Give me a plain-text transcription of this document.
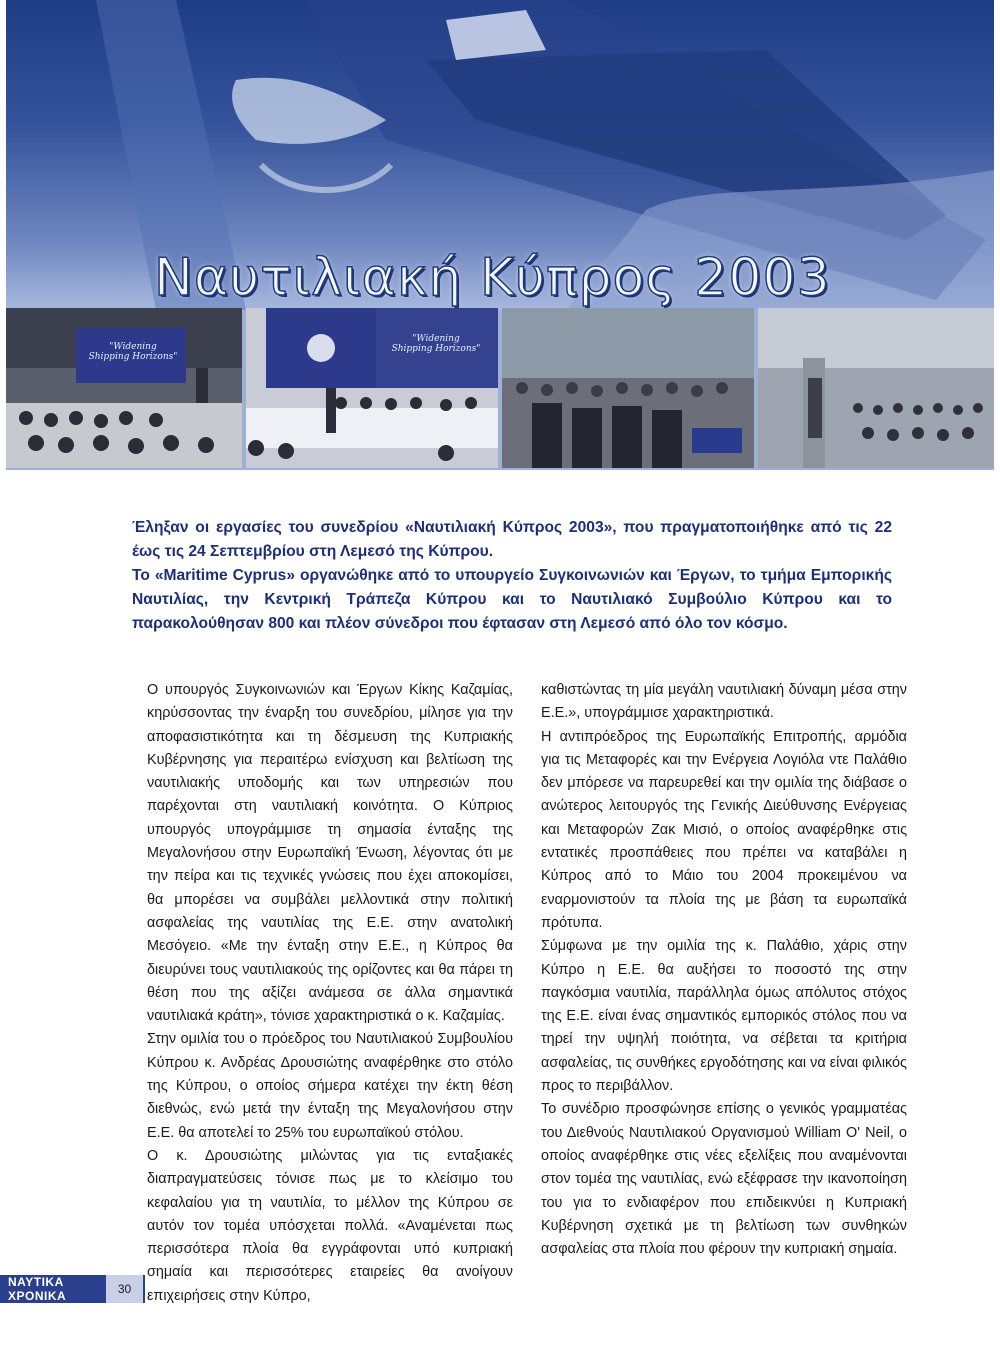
Ναυτιλιακή Κύπρος 2003
"Widening Shipping Horizons"
"Widening Shipping Horizons"

Έληξαν οι εργασίες του συνεδρίου «Ναυτιλιακή Κύπρος 2003», που πραγματοποιήθηκε από τις 22 έως τις 24 Σεπτεμβρίου στη Λεμεσό της Κύπρου.

Το «Maritime Cyprus» οργανώθηκε από το υπουργείο Συγκοινωνιών και Έργων, το τμήμα Εμπορικής Ναυτιλίας, την Κεντρική Τράπεζα Κύπρου και το Ναυτιλιακό Συμβούλιο Κύπρου και το παρακολούθησαν 800 και πλέον σύνεδροι που έφτασαν στη Λεμεσό από όλο τον κόσμο.

Ο υπουργός Συγκοινωνιών και Έργων Κίκης Καζαμίας, κηρύσσοντας την έναρξη του συνεδρίου, μίλησε για την αποφασιστικότητα και τη δέσμευση της Κυπριακής Κυβέρνησης για περαιτέρω ενίσχυση και βελτίωση της ναυτιλιακής υποδομής και των υπηρεσιών που παρέχονται στη ναυτιλιακή κοινότητα. Ο Κύπριος υπουργός υπογράμμισε τη σημασία ένταξης της Μεγαλονήσου στην Ευρωπαϊκή Ένωση, λέγοντας ότι με την πείρα και τις τεχνικές γνώσεις που έχει αποκομίσει, θα μπορέσει να συμβάλει μελλοντικά στην πολιτική ασφαλείας της ναυτιλίας της Ε.Ε. στην ανατολική Μεσόγειο. «Με την ένταξη στην Ε.Ε., η Κύπρος θα διευρύνει τους ναυτιλιακούς της ορίζοντες και θα πάρει τη θέση που της αξίζει ανάμεσα σε άλλα σημαντικά ναυτιλιακά κράτη», τόνισε χαρακτηριστικά ο κ. Καζαμίας.

Στην ομιλία του ο πρόεδρος του Ναυτιλιακού Συμβουλίου Κύπρου κ. Ανδρέας Δρουσιώτης αναφέρθηκε στο στόλο της Κύπρου, ο οποίος σήμερα κατέχει την έκτη θέση διεθνώς, ενώ μετά την ένταξη της Μεγαλονήσου στην Ε.Ε. θα αποτελεί το 25% του ευρωπαϊκού στόλου.

Ο κ. Δρουσιώτης μιλώντας για τις ενταξιακές διαπραγματεύσεις τόνισε πως με το κλείσιμο του κεφαλαίου για τη ναυτιλία, το μέλλον της Κύπρου σε αυτόν τον τομέα υπόσχεται πολλά. «Αναμένεται πως περισσότερα πλοία θα εγγράφονται υπό κυπριακή σημαία και περισσότερες εταιρείες θα ανοίγουν επιχειρήσεις στην Κύπρο,

καθιστώντας τη μία μεγάλη ναυτιλιακή δύναμη μέσα στην Ε.Ε.», υπογράμμισε χαρακτηριστικά.

Η αντιπρόεδρος της Ευρωπαϊκής Επιτροπής, αρμόδια για τις Μεταφορές και την Ενέργεια Λογιόλα ντε Παλάθιο δεν μπόρεσε να παρευρεθεί και την ομιλία της διάβασε ο ανώτερος λειτουργός της Γενικής Διεύθυνσης Ενέργειας και Μεταφορών Ζακ Μισιό, ο οποίος αναφέρθηκε στις εντατικές προσπάθειες που πρέπει να καταβάλει η Κύπρος από το Μάιο του 2004 προκειμένου να εναρμονιστούν τα πλοία της με βάση τα ευρωπαϊκά πρότυπα.

Σύμφωνα με την ομιλία της κ. Παλάθιο, χάρις στην Κύπρο η Ε.Ε. θα αυξήσει το ποσοστό της στην παγκόσμια ναυτιλία, παράλληλα όμως απόλυτος στόχος της Ε.Ε. είναι ένας σημαντικός εμπορικός στόλος που να τηρεί την υψηλή ποιότητα, να σέβεται τα κριτήρια ασφαλείας, τις συνθήκες εργοδότησης και να είναι φιλικός προς το περιβάλλον.

Το συνέδριο προσφώνησε επίσης ο γενικός γραμματέας του Διεθνούς Ναυτιλιακού Οργανισμού William O' Neil, ο οποίος αναφέρθηκε στις νέες εξελίξεις που αναμένονται στον τομέα της ναυτιλίας, ενώ εξέφρασε την ικανοποίηση του για το ενδιαφέρον που επιδεικνύει η Κυπριακή Κυβέρνηση σχετικά με τη βελτίωση των συνθηκών ασφαλείας στα πλοία που φέρουν την κυπριακή σημαία.

ΝΑΥΤΙΚΑ ΧΡΟΝΙΚΑ	30
